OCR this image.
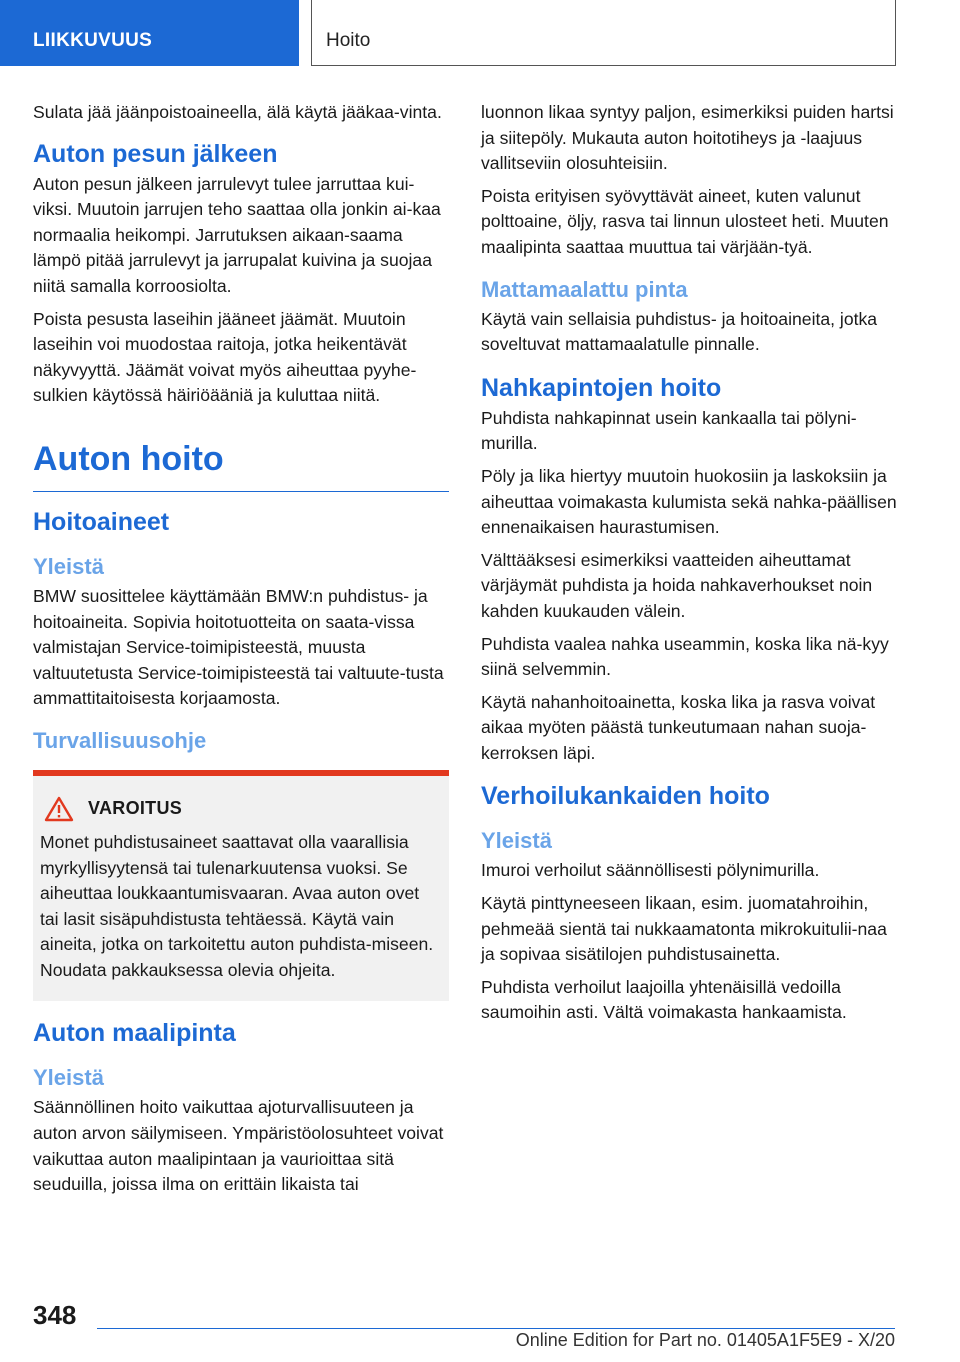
LIIKKUVUUS	Hoito

Sulata jää jäänpoistoaineella, älä käytä jääkaa-vinta.

Auton pesun jälkeen

Auton pesun jälkeen jarrulevyt tulee jarruttaa kui-viksi. Muutoin jarrujen teho saattaa olla jonkin ai-kaa normaalia heikompi. Jarrutuksen aikaan-saama lämpö pitää jarrulevyt ja jarrupalat kuivina ja suojaa niitä samalla korroosiolta.

Poista pesusta laseihin jääneet jäämät. Muutoin laseihin voi muodostaa raitoja, jotka heikentävät näkyvyyttä. Jäämät voivat myös aiheuttaa pyyhe-sulkien käytössä häiriöääniä ja kuluttaa niitä.

Auton hoito
Hoitoaineet
Yleistä

BMW suosittelee käyttämään BMW:n puhdistus- ja hoitoaineita. Sopivia hoitotuotteita on saata-vissa valmistajan Service-toimipisteestä, muusta valtuutetusta Service-toimipisteestä tai valtuute-tusta ammattitaitoisesta korjaamosta.

Turvallisuusohje
VAROITUS

Monet puhdistusaineet saattavat olla vaarallisia myrkyllisyytensä tai tulenarkuutensa vuoksi. Se aiheuttaa loukkaantumisvaaran. Avaa auton ovet tai lasit sisäpuhdistusta tehtäessä. Käytä vain aineita, jotka on tarkoitettu auton puhdista-miseen. Noudata pakkauksessa olevia ohjeita.

Auton maalipinta
Yleistä

Säännöllinen hoito vaikuttaa ajoturvallisuuteen ja auton arvon säilymiseen. Ympäristöolosuhteet voivat vaikuttaa auton maalipintaan ja vaurioittaa sitä seuduilla, joissa ilma on erittäin likaista tai

luonnon likaa syntyy paljon, esimerkiksi puiden hartsi ja siitepöly. Mukauta auton hoitotiheys ja -laajuus vallitseviin olosuhteisiin.

Poista erityisen syövyttävät aineet, kuten valunut polttoaine, öljy, rasva tai linnun ulosteet heti. Muuten maalipinta saattaa muuttua tai värjään-tyä.

Mattamaalattu pinta

Käytä vain sellaisia puhdistus- ja hoitoaineita, jotka soveltuvat mattamaalatulle pinnalle.

Nahkapintojen hoito

Puhdista nahkapinnat usein kankaalla tai pölyni-murilla.

Pöly ja lika hiertyy muutoin huokosiin ja laskoksiin ja aiheuttaa voimakasta kulumista sekä nahka-päällisen ennenaikaisen haurastumisen.

Välttääksesi esimerkiksi vaatteiden aiheuttamat värjäymät puhdista ja hoida nahkaverhoukset noin kahden kuukauden välein.

Puhdista vaalea nahka useammin, koska lika nä-kyy siinä selvemmin.

Käytä nahanhoitoainetta, koska lika ja rasva voivat aikaa myöten päästä tunkeutumaan nahan suoja-kerroksen läpi.

Verhoilukankaiden hoito
Yleistä

Imuroi verhoilut säännöllisesti pölynimurilla.

Käytä pinttyneeseen likaan, esim. juomatahroihin, pehmeää sientä tai nukkaamatonta mikrokuitulii-naa ja sopivaa sisätilojen puhdistusainetta.

Puhdista verhoilut laajoilla yhtenäisillä vedoilla saumoihin asti. Vältä voimakasta hankaamista.

348
Online Edition for Part no. 01405A1F5E9 - X/20
